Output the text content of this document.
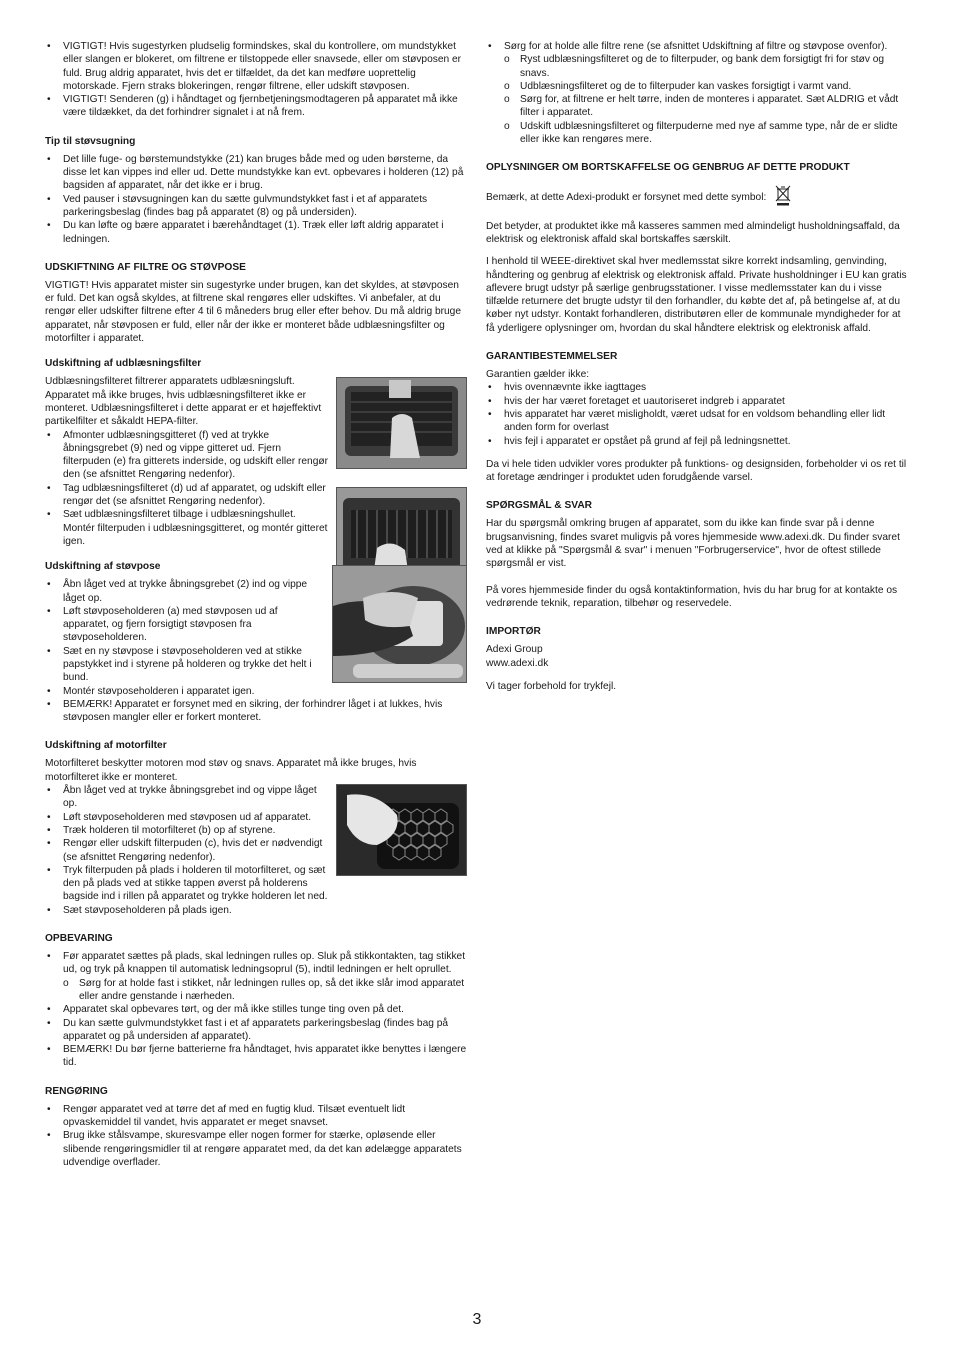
• VIGTIGT! Hvis sugestyrken pludselig formindskes, skal du kontrollere, om mundstykket eller slangen er blokeret, om filtrene er tilstoppede eller snavsede, eller om støvposen er fuld. Brug aldrig apparatet, hvis det er tilfældet, da det kan medføre uoprettelig motorskade. Fjern straks blokeringen, rengør filtrene, eller udskift støvposen.
• VIGTIGT! Senderen (g) i håndtaget og fjernbetjeningsmodtageren på apparatet må ikke være tildækket, da det forhindrer signalet i at nå frem.
Tip til støvsugning
• Det lille fuge- og børstemundstykke (21) kan bruges både med og uden børsterne, da disse let kan vippes ind eller ud. Dette mundstykke kan evt. opbevares i holderen (12) på bagsiden af apparatet, når det ikke er i brug.
• Ved pauser i støvsugningen kan du sætte gulvmundstykket fast i et af apparatets parkeringsbeslag (findes bag på apparatet (8) og på undersiden).
• Du kan løfte og bære apparatet i bærehåndtaget (1). Træk eller løft aldrig apparatet i ledningen.
UDSKIFTNING AF FILTRE OG STØVPOSE

VIGTIGT! Hvis apparatet mister sin sugestyrke under brugen, kan det skyldes, at støvposen er fuld. Det kan også skyldes, at filtrene skal rengøres eller udskiftes. Vi anbefaler, at du rengør eller udskifter filtrene efter 4 til 6 måneders brug eller efter behov. Du må aldrig bruge apparatet, når støvposen er fuld, eller når der ikke er monteret både udblæsningsfilter og motorfilter i apparatet.

Udskiftning af udblæsningsfilter

Udblæsningsfilteret filtrerer apparatets udblæsningsluft. Apparatet må ikke bruges, hvis udblæsningsfilteret ikke er monteret. Udblæsningsfilteret i dette apparat er et højeffektivt partikelfilter et såkaldt HEPA-filter.

• Afmonter udblæsningsgitteret (f) ved at trykke åbningsgrebet (9) ned og vippe gitteret ud. Fjern filterpuden (e) fra gitterets inderside, og udskift eller rengør den (se afsnittet Rengøring nedenfor).
• Tag udblæsningsfilteret (d) ud af apparatet, og udskift eller rengør det (se afsnittet Rengøring nedenfor).
• Sæt udblæsningsfilteret tilbage i udblæsningshullet. Montér filterpuden i udblæsningsgitteret, og montér gitteret igen.
Udskiftning af støvpose
• Åbn låget ved at trykke åbningsgrebet (2) ind og vippe låget op.
• Løft støvposeholderen (a) med støvposen ud af apparatet, og fjern forsigtigt støvposen fra støvposeholderen.
• Sæt en ny støvpose i støvposeholderen ved at stikke papstykket ind i styrene på holderen og trykke det helt i bund.
• Montér støvposeholderen i apparatet igen.
• BEMÆRK! Apparatet er forsynet med en sikring, der forhindrer låget i at lukkes, hvis støvposen mangler eller er forkert monteret.
Udskiftning af motorfilter

Motorfilteret beskytter motoren mod støv og snavs. Apparatet må ikke bruges, hvis motorfilteret ikke er monteret.

• Åbn låget ved at trykke åbningsgrebet ind og vippe låget op.
• Løft støvposeholderen med støvposen ud af apparatet.
• Træk holderen til motorfilteret (b) op af styrene.
• Rengør eller udskift filterpuden (c), hvis det er nødvendigt (se afsnittet Rengøring nedenfor).
• Tryk filterpuden på plads i holderen til motorfilteret, og sæt den på plads ved at stikke tappen øverst på holderens bagside ind i rillen på apparatet og trykke holderen let ned.
• Sæt støvposeholderen på plads igen.
OPBEVARING
• Før apparatet sættes på plads, skal ledningen rulles op. Sluk på stikkontakten, tag stikket ud, og tryk på knappen til automatisk ledningsoprul (5), indtil ledningen er helt oprullet.
o Sørg for at holde fast i stikket, når ledningen rulles op, så det ikke slår imod apparatet eller andre genstande i nærheden.
• Apparatet skal opbevares tørt, og der må ikke stilles tunge ting oven på det.
• Du kan sætte gulvmundstykket fast i et af apparatets parkeringsbeslag (findes bag på apparatet og på undersiden af apparatet).
• BEMÆRK! Du bør fjerne batterierne fra håndtaget, hvis apparatet ikke benyttes i længere tid.
RENGØRING
• Rengør apparatet ved at tørre det af med en fugtig klud. Tilsæt eventuelt lidt opvaskemiddel til vandet, hvis apparatet er meget snavset.
• Brug ikke stålsvampe, skuresvampe eller nogen former for stærke, opløsende eller slibende rengøringsmidler til at rengøre apparatet med, da det kan ødelægge apparatets udvendige overflader.
• Sørg for at holde alle filtre rene (se afsnittet Udskiftning af filtre og støvpose ovenfor).
o Ryst udblæsningsfilteret og de to filterpuder, og bank dem forsigtigt fri for støv og snavs.
o Udblæsningsfilteret og de to filterpuder kan vaskes forsigtigt i varmt vand.
o Sørg for, at filtrene er helt tørre, inden de monteres i apparatet. Sæt ALDRIG et vådt filter i apparatet.
o Udskift udblæsningsfilteret og filterpuderne med nye af samme type, når de er slidte eller ikke kan rengøres mere.
OPLYSNINGER OM BORTSKAFFELSE OG GENBRUG AF DETTE PRODUKT

Bemærk, at dette Adexi-produkt er forsynet med dette symbol:

Det betyder, at produktet ikke må kasseres sammen med almindeligt husholdningsaffald, da elektrisk og elektronisk affald skal bortskaffes særskilt.

I henhold til WEEE-direktivet skal hver medlemsstat sikre korrekt indsamling, genvinding, håndtering og genbrug af elektrisk og elektronisk affald. Private husholdninger i EU kan gratis aflevere brugt udstyr på særlige genbrugsstationer. I visse medlemsstater kan du i visse tilfælde returnere det brugte udstyr til den forhandler, du købte det af, på betingelse af, at du køber nyt udstyr. Kontakt forhandleren, distributøren eller de kommunale myndigheder for at få yderligere oplysninger om, hvordan du skal håndtere elektrisk og elektronisk affald.

GARANTIBESTEMMELSER

Garantien gælder ikke:

• hvis ovennævnte ikke iagttages
• hvis der har været foretaget et uautoriseret indgreb i apparatet
• hvis apparatet har været misligholdt, været udsat for en voldsom behandling eller lidt anden form for overlast
• hvis fejl i apparatet er opstået på grund af fejl på ledningsnettet.

Da vi hele tiden udvikler vores produkter på funktions- og designsiden, forbeholder vi os ret til at foretage ændringer i produktet uden forudgående varsel.

SPØRGSMÅL & SVAR

Har du spørgsmål omkring brugen af apparatet, som du ikke kan finde svar på i denne brugsanvisning, findes svaret muligvis på vores hjemmeside www.adexi.dk. Du finder svaret ved at klikke på "Spørgsmål & svar" i menuen "Forbrugerservice", hvor de oftest stillede spørgsmål er vist.

På vores hjemmeside finder du også kontaktinformation, hvis du har brug for at kontakte os vedrørende teknik, reparation, tilbehør og reservedele.

IMPORTØR
Adexi Group
www.adexi.dk

Vi tager forbehold for trykfejl.

3
